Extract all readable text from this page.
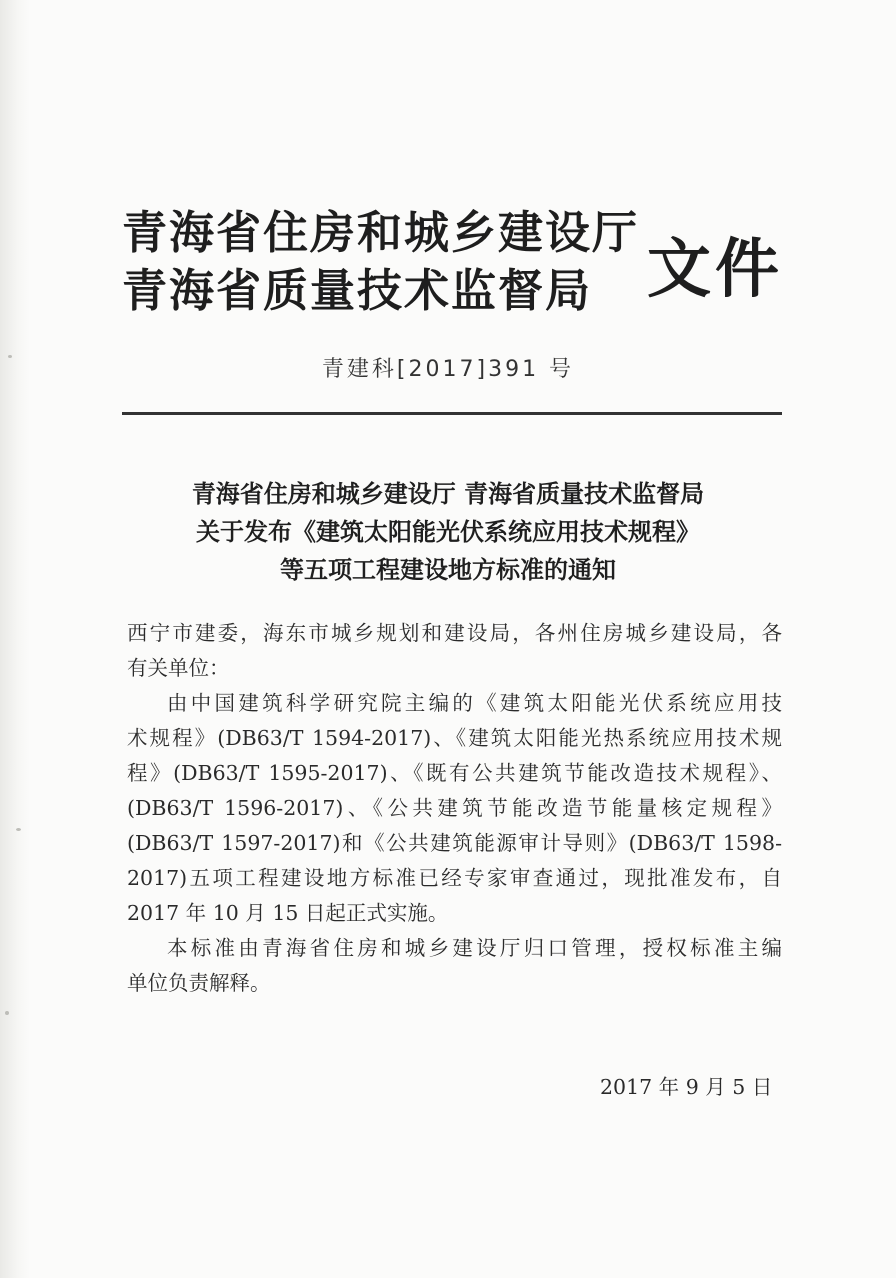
青海省住房和城乡建设厅
青海省质量技术监督局 文件
青建科[2017]391 号
青海省住房和城乡建设厅 青海省质量技术监督局
关于发布《建筑太阳能光伏系统应用技术规程》
等五项工程建设地方标准的通知
西宁市建委，海东市城乡规划和建设局，各州住房城乡建设局，各
有关单位：
由中国建筑科学研究院主编的《建筑太阳能光伏系统应用技
术规程》(DB63/T 1594-2017)、《建筑太阳能光热系统应用技术规
程》(DB63/T 1595-2017)、《既有公共建筑节能改造技术规程》、
(DB63/T 1596-2017)、《公共建筑节能改造节能量核定规程》
(DB63/T 1597-2017)和《公共建筑能源审计导则》(DB63/T 1598-
2017)五项工程建设地方标准已经专家审查通过，现批准发布，自
2017 年 10 月 15 日起正式实施。
本标准由青海省住房和城乡建设厅归口管理，授权标准主编
单位负责解释。
2017 年 9 月 5 日
